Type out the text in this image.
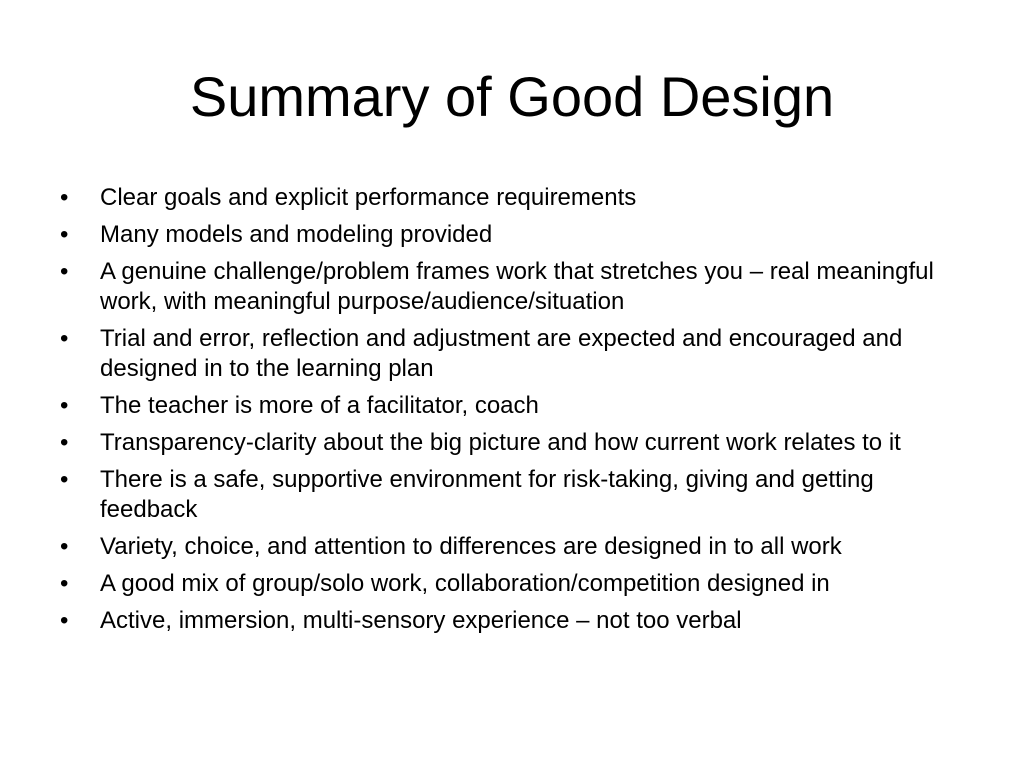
Summary of Good Design
•	Clear goals and explicit performance requirements
•	Many models and modeling provided
•	A genuine challenge/problem frames work that stretches you – real meaningful work, with meaningful purpose/audience/situation
•	Trial and error, reflection and adjustment are expected and encouraged and designed in to the learning plan
•	The teacher is more of a facilitator, coach
•	Transparency-clarity about the big picture and how current work relates to it
•	There is a safe, supportive environment for risk-taking, giving and getting feedback
•	Variety, choice, and attention to differences are designed in to all work
•	A good mix of group/solo work, collaboration/competition designed in
•	Active, immersion, multi-sensory experience – not too verbal
